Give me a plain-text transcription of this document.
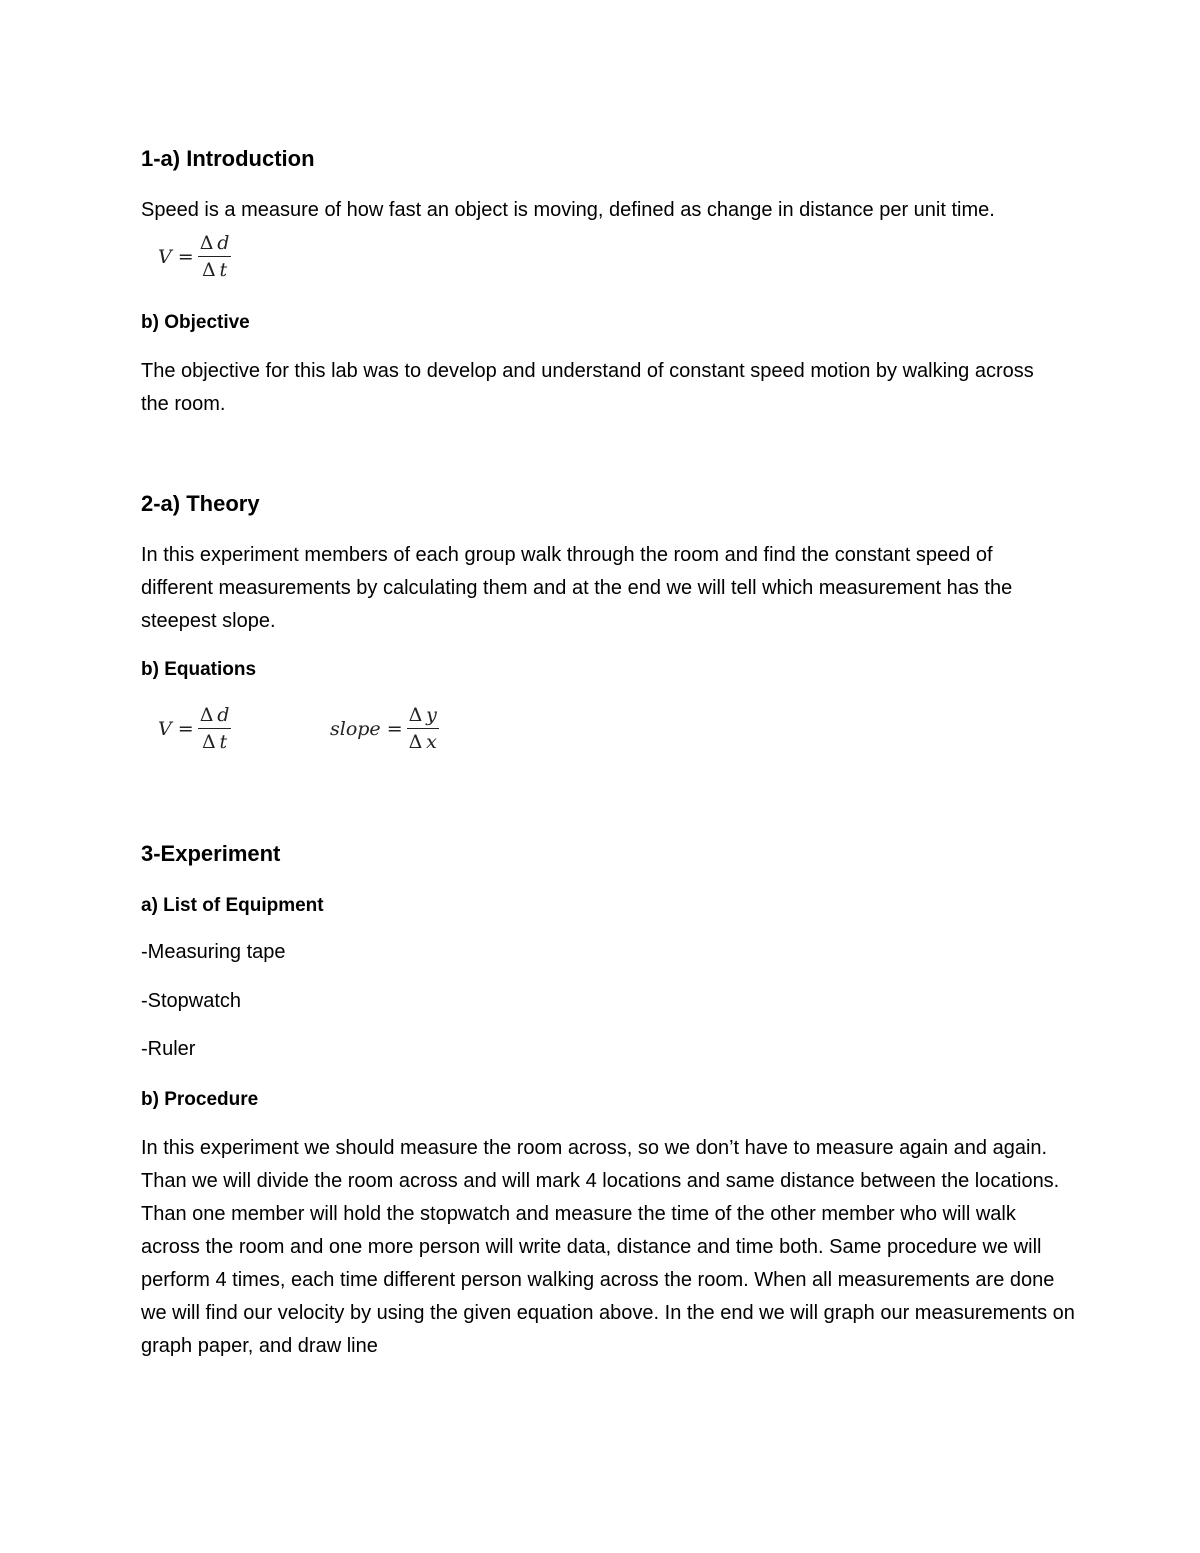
1-a) Introduction

Speed is a measure of how fast an object is moving, defined as change in distance per unit time.

$V = \frac{\text{Δ  d}}{\text{Δ  t}}$
b) Objective

The objective for this lab was to develop and understand of constant speed motion by walking across the room.

2-a) Theory

In this experiment members of each group walk through the room and find the constant speed of different measurements by calculating them and at the end we will tell which measurement has the steepest slope.

b) Equations
$V = \frac{\text{Δ  d}}{\text{Δ  t}}$	slope = $\frac{\text{Δ  y}}{\text{Δ  x}}$
3-Experiment
a) List of Equipment

-Measuring tape

-Stopwatch

-Ruler

b) Procedure

In this experiment we should measure the room across, so we don’t have to measure again and again. Than we will divide the room across and will mark 4 locations and same distance between the locations. Than one member will hold the stopwatch and measure the time of the other member who will walk across the room and one more person will write data, distance and time both. Same procedure we will perform 4 times, each time different person walking across the room. When all measurements are done we will find our velocity by using the given equation above. In the end we will graph our measurements on graph paper, and draw line
